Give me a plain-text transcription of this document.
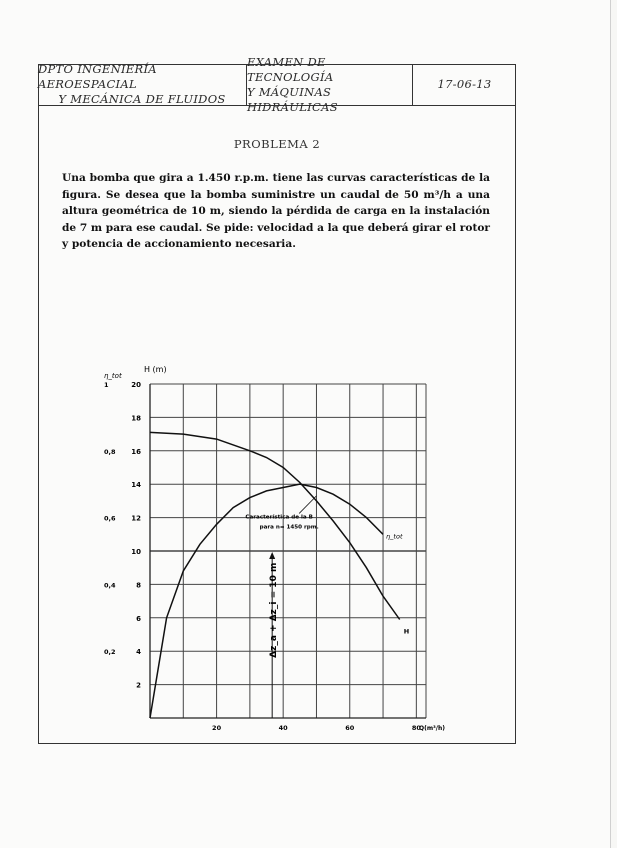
DPTO INGENIERÍA AEROESPACIAL
Y MECÁNICA DE FLUIDOS
EXAMEN DE TECNOLOGÍA
Y MÁQUINAS HIDRÁULICAS
17-06-13
PROBLEMA 2
Una bomba que gira a 1.450 r.p.m. tiene las curvas características de la figura. Se desea que la bomba suministre un caudal de 50 m³/h a una altura geométrica de 10 m, siendo la pérdida de carga en la instalación de 7 m para ese caudal. Se pide: velocidad a la que deberá girar el rotor y potencia de accionamiento necesaria.
2
4
6
8
10
12
14
16
18
20
0,2
0,4
0,6
0,8
1
20	40	60	80
Q(m³/h)
H (m)
η_tot
H
η_tot
Δz_a + Δz_i = 10 m
Característica de la B
para n= 1450 rpm.
